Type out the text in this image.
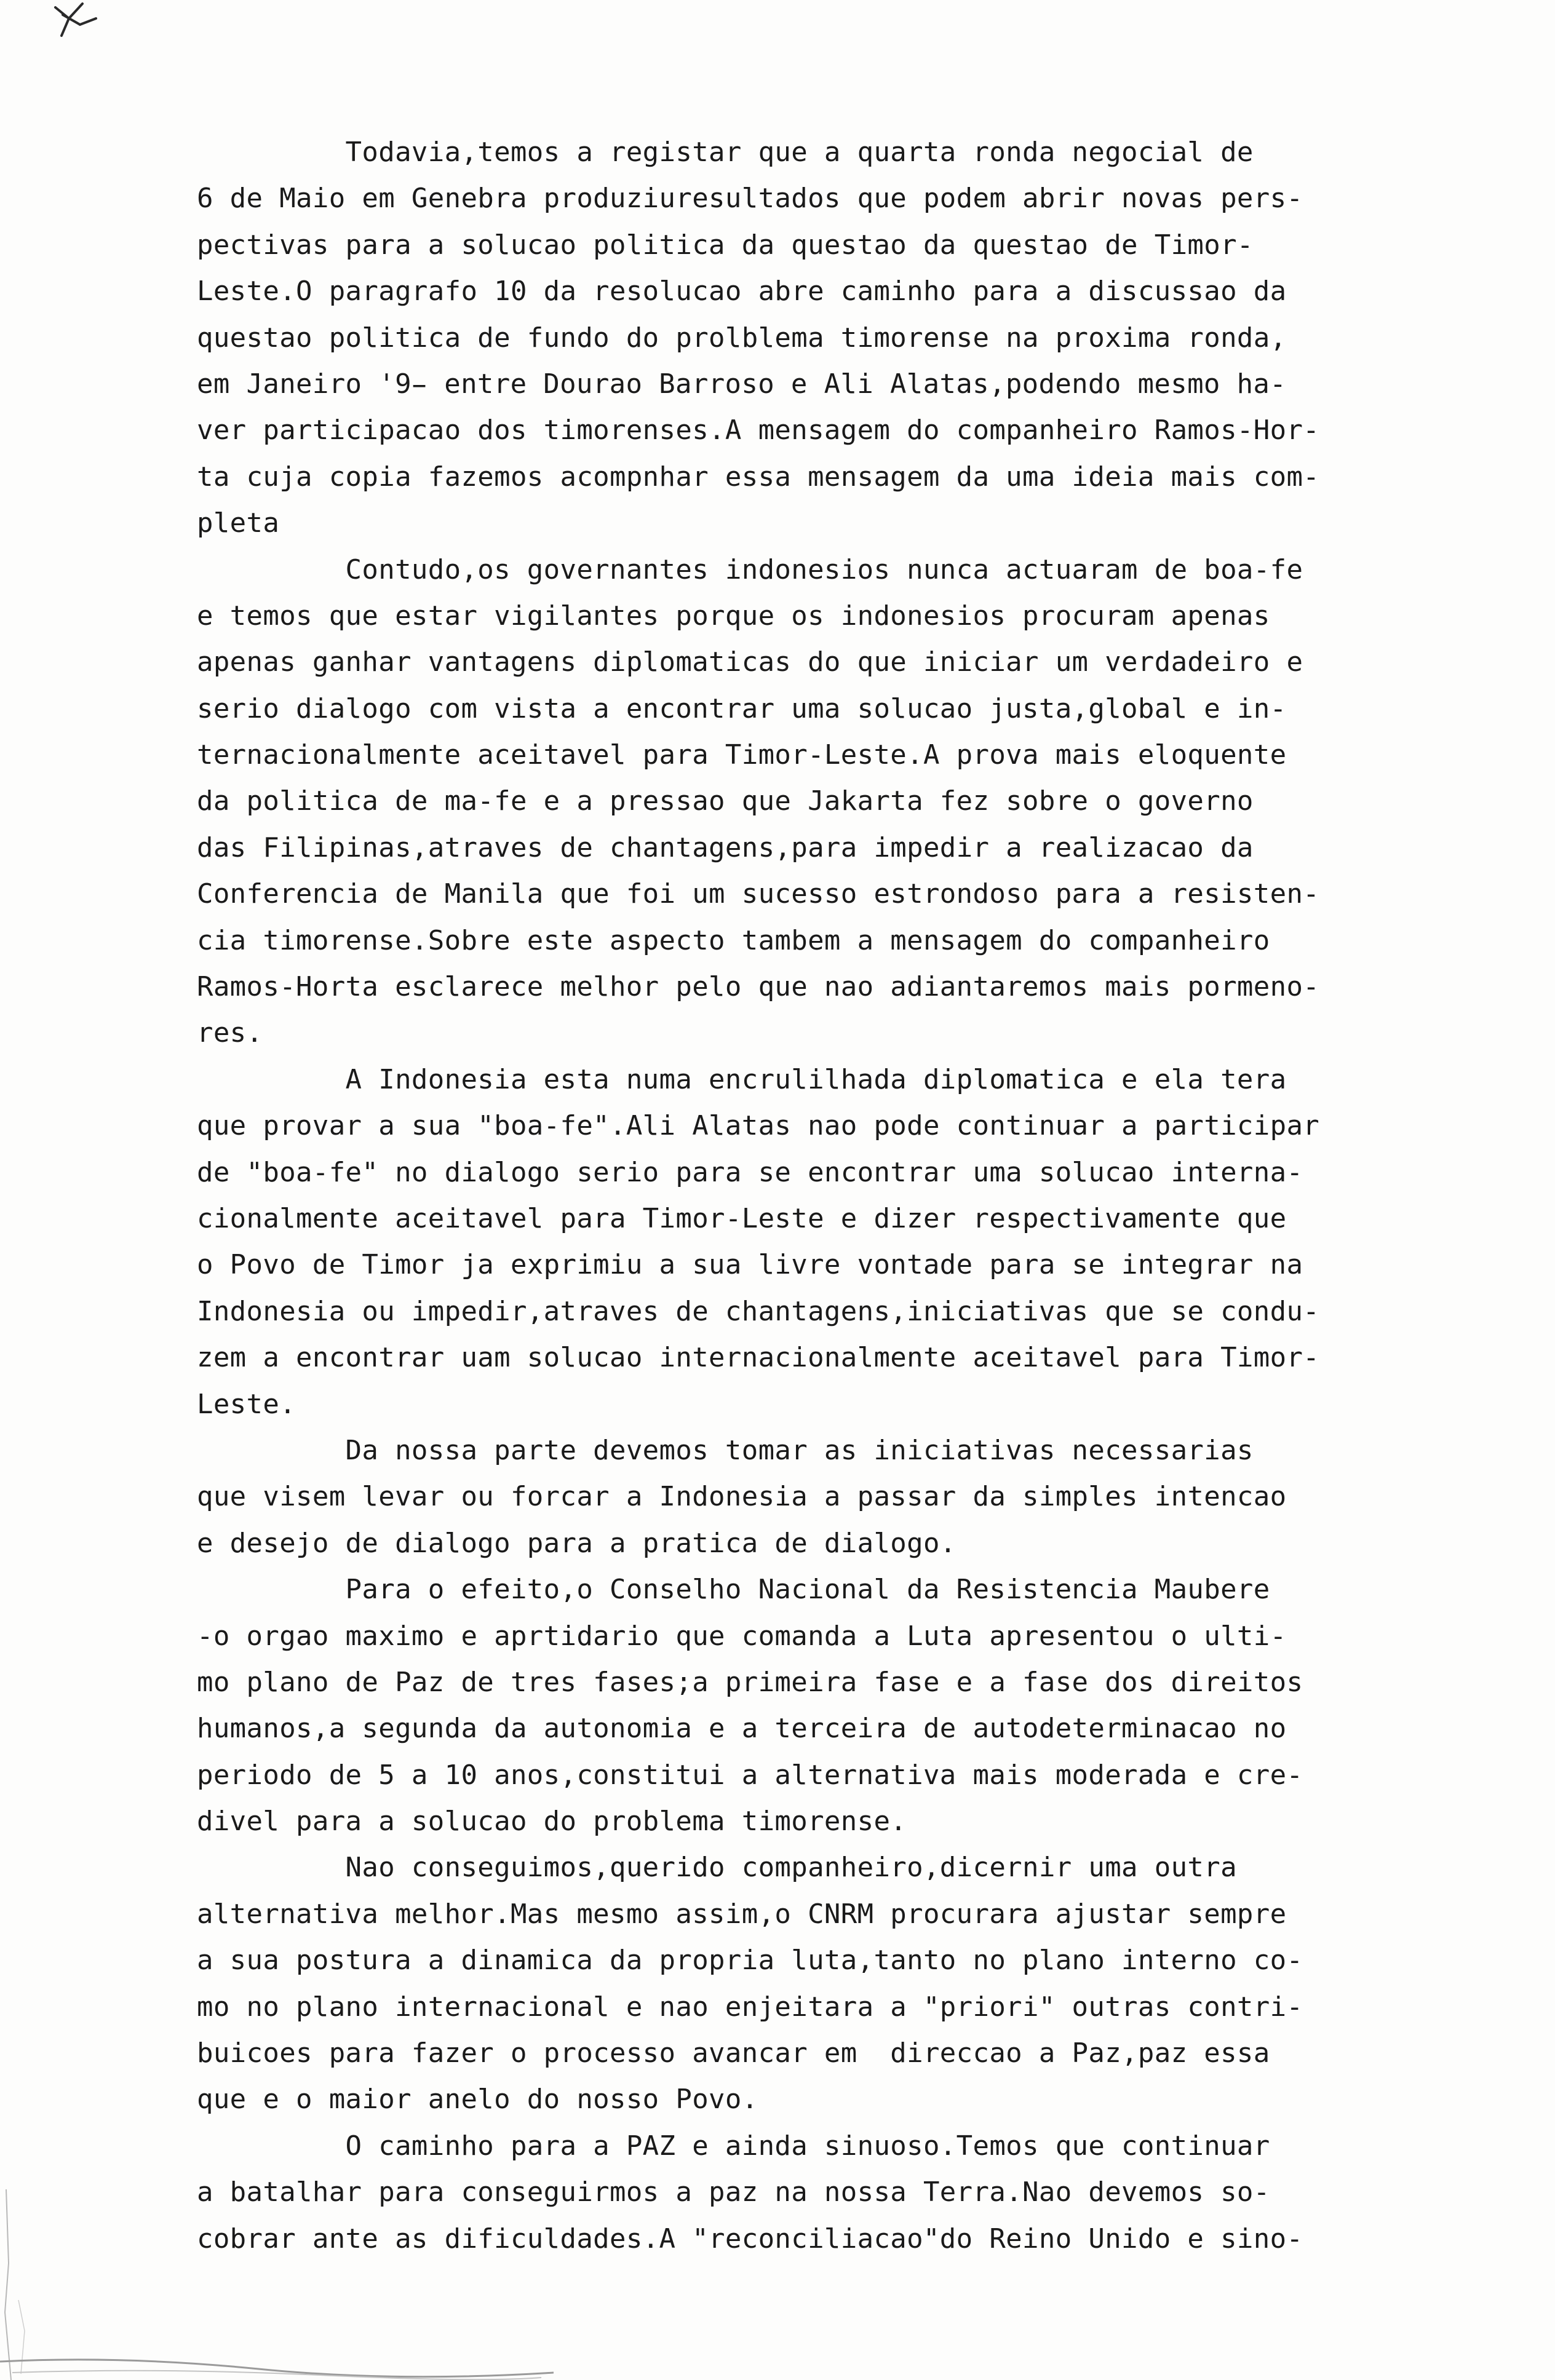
Todavia,temos a registar que a quarta ronda negocial de
6 de Maio em Genebra produziuresultados que podem abrir novas pers-
pectivas para a solucao politica da questao da questao de Timor-
Leste.O paragrafo 10 da resolucao abre caminho para a discussao da
questao politica de fundo do prolblema timorense na proxima ronda,
em Janeiro '9̵ entre Dourao Barroso e Ali Alatas,podendo mesmo ha-
ver participacao dos timorenses.A mensagem do companheiro Ramos-Hor-
ta cuja copia fazemos acompnhar essa mensagem da uma ideia mais com-
pleta
Contudo,os governantes indonesios nunca actuaram de boa-fe
e temos que estar vigilantes porque os indonesios procuram apenas
apenas ganhar vantagens diplomaticas do que iniciar um verdadeiro e
serio dialogo com vista a encontrar uma solucao justa,global e in-
ternacionalmente aceitavel para Timor-Leste.A prova mais eloquente
da politica de ma-fe e a pressao que Jakarta fez sobre o governo
das Filipinas,atraves de chantagens,para impedir a realizacao da
Conferencia de Manila que foi um sucesso estrondoso para a resisten-
cia timorense.Sobre este aspecto tambem a mensagem do companheiro
Ramos-Horta esclarece melhor pelo que nao adiantaremos mais pormeno-
res.
A Indonesia esta numa encrulilhada diplomatica e ela tera
que provar a sua "boa-fe".Ali Alatas nao pode continuar a participar
de "boa-fe" no dialogo serio para se encontrar uma solucao interna-
cionalmente aceitavel para Timor-Leste e dizer respectivamente que
o Povo de Timor ja exprimiu a sua livre vontade para se integrar na
Indonesia ou impedir,atraves de chantagens,iniciativas que se condu-
zem a encontrar uam solucao internacionalmente aceitavel para Timor-
Leste.
Da nossa parte devemos tomar as iniciativas necessarias
que visem levar ou forcar a Indonesia a passar da simples intencao
e desejo de dialogo para a pratica de dialogo.
Para o efeito,o Conselho Nacional da Resistencia Maubere
-o orgao maximo e aprtidario que comanda a Luta apresentou o ulti-
mo plano de Paz de tres fases;a primeira fase e a fase dos direitos
humanos,a segunda da autonomia e a terceira de autodeterminacao no
periodo de 5 a 10 anos,constitui a alternativa mais moderada e cre-
divel para a solucao do problema timorense.
Nao conseguimos,querido companheiro,dicernir uma outra
alternativa melhor.Mas mesmo assim,o CNRM procurara ajustar sempre
a sua postura a dinamica da propria luta,tanto no plano interno co-
mo no plano internacional e nao enjeitara a "priori" outras contri-
buicoes para fazer o processo avancar em  direccao a Paz,paz essa
que e o maior anelo do nosso Povo.
O caminho para a PAZ e ainda sinuoso.Temos que continuar
a batalhar para conseguirmos a paz na nossa Terra.Nao devemos so-
cobrar ante as dificuldades.A "reconciliacao"do Reino Unido e sino-
